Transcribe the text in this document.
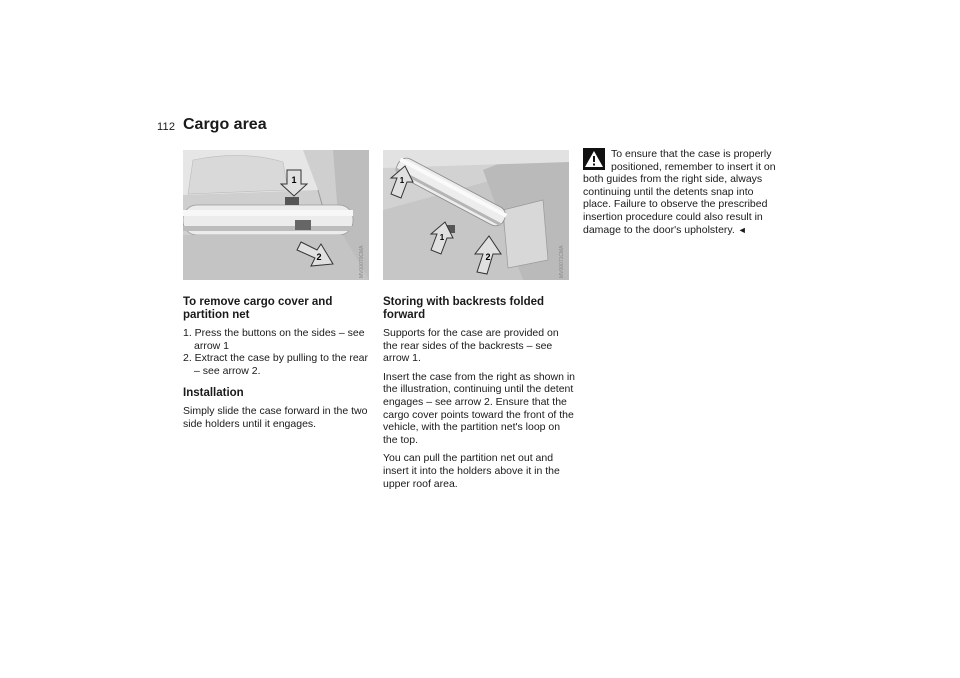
112 Cargo area
1
2	MV00070CMA
1
1
2	MV00071CMA
To remove cargo cover and partition net
1. Press the buttons on the sides – see arrow 1
2. Extract the case by pulling to the rear – see arrow 2.
Installation

Simply slide the case forward in the two side holders until it engages.

Storing with backrests folded forward

Supports for the case are provided on the rear sides of the backrests – see arrow 1.

Insert the case from the right as shown in the illustration, continuing until the detent engages – see arrow 2. Ensure that the cargo cover points toward the front of the vehicle, with the partition net's loop on the top.

You can pull the partition net out and insert it into the holders above it in the upper roof area.

To ensure that the case is properly positioned, remember to insert it on both guides from the right side, always continuing until the detents snap into place. Failure to observe the prescribed insertion procedure could also result in damage to the door's upholstery. ◄
